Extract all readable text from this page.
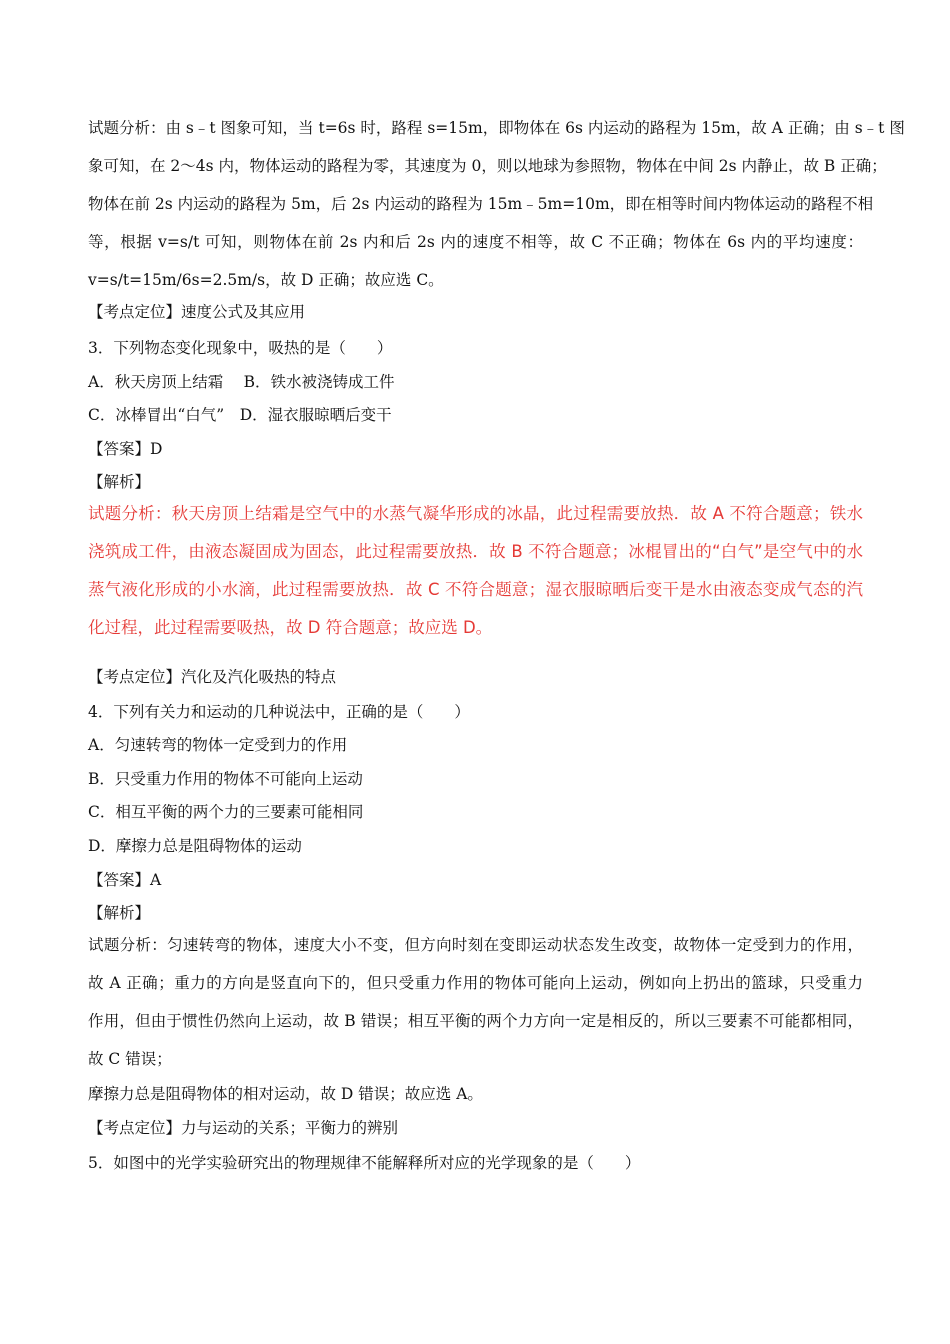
试题分析：由 s﹣t 图象可知，当 t=6s 时，路程 s=15m，即物体在 6s 内运动的路程为 15m，故 A 正确；由 s﹣t 图
象可知，在 2～4s 内，物体运动的路程为零，其速度为 0，则以地球为参照物，物体在中间 2s 内静止，故 B 正确；
物体在前 2s 内运动的路程为 5m，后 2s 内运动的路程为 15m﹣5m=10m，即在相等时间内物体运动的路程不相
等，根据 v=s/t 可知，则物体在前 2s 内和后 2s 内的速度不相等，故 C 不正确；物体在 6s 内的平均速度：
v=s/t=15m/6s=2.5m/s，故 D 正确；故应选 C。
【考点定位】速度公式及其应用
3．下列物态变化现象中，吸热的是（　　）
A．秋天房顶上结霜　 B．铁水被浇铸成工件
C．冰棒冒出“白气”　D．湿衣服晾晒后变干
【答案】D
【解析】
试题分析：秋天房顶上结霜是空气中的水蒸气凝华形成的冰晶，此过程需要放热．故 A 不符合题意；铁水
浇筑成工件，由液态凝固成为固态，此过程需要放热．故 B 不符合题意；冰棍冒出的“白气”是空气中的水
蒸气液化形成的小水滴，此过程需要放热．故 C 不符合题意；湿衣服晾晒后变干是水由液态变成气态的汽
化过程，此过程需要吸热，故 D 符合题意；故应选 D。
【考点定位】汽化及汽化吸热的特点
4．下列有关力和运动的几种说法中，正确的是（　　）
A．匀速转弯的物体一定受到力的作用
B．只受重力作用的物体不可能向上运动
C．相互平衡的两个力的三要素可能相同
D．摩擦力总是阻碍物体的运动
【答案】A
【解析】
试题分析：匀速转弯的物体，速度大小不变，但方向时刻在变即运动状态发生改变，故物体一定受到力的作用，
故 A 正确；重力的方向是竖直向下的，但只受重力作用的物体可能向上运动，例如向上扔出的篮球，只受重力
作用，但由于惯性仍然向上运动，故 B 错误；相互平衡的两个力方向一定是相反的，所以三要素不可能都相同，
故 C 错误；
摩擦力总是阻碍物体的相对运动，故 D 错误；故应选 A。
【考点定位】力与运动的关系；平衡力的辨别
5．如图中的光学实验研究出的物理规律不能解释所对应的光学现象的是（　　）
